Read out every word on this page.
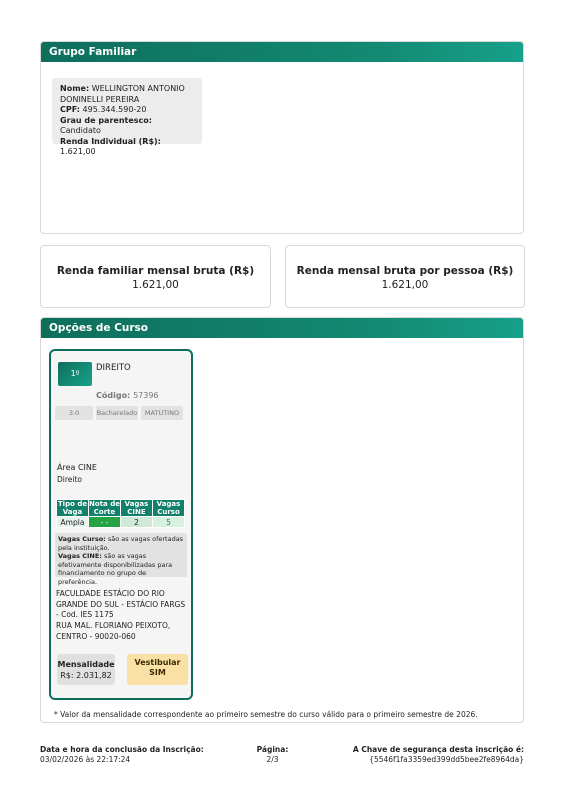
Grupo Familiar
Nome: WELLINGTON ANTONIO DONINELLI PEREIRA
CPF: 495.344.590-20
Grau de parentesco: Candidato
Renda Individual (R$): 1.621,00
Renda familiar mensal bruta (R$)
1.621,00
Renda mensal bruta por pessoa (R$)
1.621,00
Opções de Curso
1º
DIREITO
Código: 57396
3.0	Bacharelado	MATUTINO
Área CINE
Direito
Tipo de Vaga	Nota de Corte	Vagas CINE	Vagas Curso
Ampla	- -	2	5
Vagas Curso: são as vagas ofertadas pela instituição.
Vagas CINE: são as vagas efetivamente disponibilizadas para financiamento no grupo de preferência.
FACULDADE ESTÁCIO DO RIO GRANDE DO SUL - ESTÁCIO FARGS - Cod. IES 1175
RUA MAL. FLORIANO PEIXOTO, CENTRO - 90020-060
Mensalidade
R$: 2.031,82
Vestibular
SIM
* Valor da mensalidade correspondente ao primeiro semestre do curso válido para o primeiro semestre de 2026.
Data e hora da conclusão da Inscrição:
03/02/2026 às 22:17:24
Página:
2/3
A Chave de segurança desta inscrição é:
{5546f1fa3359ed399dd5bee2fe8964da}
